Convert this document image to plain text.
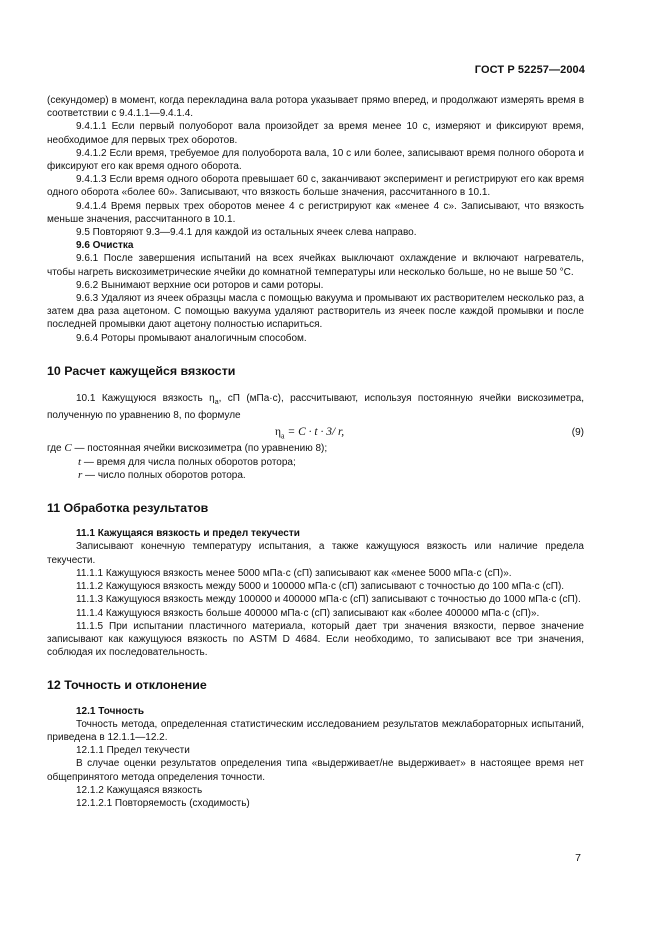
ГОСТ Р 52257—2004

(секундомер) в момент, когда перекладина вала ротора указывает прямо вперед, и продолжают измерять время в соответствии с 9.4.1.1—9.4.1.4.

9.4.1.1 Если первый полуоборот вала произойдет за время менее 10 с, измеряют и фиксируют время, необходимое для первых трех оборотов.

9.4.1.2 Если время, требуемое для полуоборота вала, 10 с или более, записывают время полного оборота и фиксируют его как время одного оборота.

9.4.1.3 Если время одного оборота превышает 60 с, заканчивают эксперимент и регистрируют его как время одного оборота «более 60». Записывают, что вязкость больше значения, рассчитанного в 10.1.

9.4.1.4 Время первых трех оборотов менее 4 с регистрируют как «менее 4 с». Записывают, что вязкость меньше значения, рассчитанного в 10.1.

9.5 Повторяют 9.3—9.4.1 для каждой из остальных ячеек слева направо.

9.6 Очистка

9.6.1 После завершения испытаний на всех ячейках выключают охлаждение и включают нагреватель, чтобы нагреть вискозиметрические ячейки до комнатной температуры или несколько больше, но не выше 50 °С.

9.6.2 Вынимают верхние оси роторов и сами роторы.

9.6.3 Удаляют из ячеек образцы масла с помощью вакуума и промывают их растворителем несколько раз, а затем два раза ацетоном. С помощью вакуума удаляют растворитель из ячеек после каждой промывки и после последней промывки дают ацетону полностью испариться.

9.6.4 Роторы промывают аналогичным способом.

10 Расчет кажущейся вязкости

10.1 Кажущуюся вязкость $\eta_a$, сП (мПа·с), рассчитывают, используя постоянную ячейки вискозиметра, полученную по уравнению 8, по формуле

$\eta_a = C \cdot t \cdot 3/$ r,	(9)

где C — постоянная ячейки вискозиметра (по уравнению 8);

t — время для числа полных оборотов ротора;

r — число полных оборотов ротора.

11 Обработка результатов

11.1 Кажущаяся вязкость и предел текучести

Записывают конечную температуру испытания, а также кажущуюся вязкость или наличие предела текучести.

11.1.1 Кажущуюся вязкость менее 5000 мПа·с (сП) записывают как «менее 5000 мПа·с (сП)».

11.1.2 Кажущуюся вязкость между 5000 и 100000 мПа·с (сП) записывают с точностью до 100 мПа·с (сП).

11.1.3 Кажущуюся вязкость между 100000 и 400000 мПа·с (сП) записывают с точностью до 1000 мПа·с (сП).

11.1.4 Кажущуюся вязкость больше 400000 мПа·с (сП) записывают как «более 400000 мПа·с (сП)».

11.1.5 При испытании пластичного материала, который дает три значения вязкости, первое значение записывают как кажущуюся вязкость по ASTM D 4684. Если необходимо, то записывают все три значения, соблюдая их последовательность.

12 Точность и отклонение

12.1 Точность

Точность метода, определенная статистическим исследованием результатов межлабораторных испытаний, приведена в 12.1.1—12.2.

12.1.1 Предел текучести

В случае оценки результатов определения типа «выдерживает/не выдерживает» в настоящее время нет общепринятого метода определения точности.

12.1.2 Кажущаяся вязкость

12.1.2.1 Повторяемость (сходимость)

7
